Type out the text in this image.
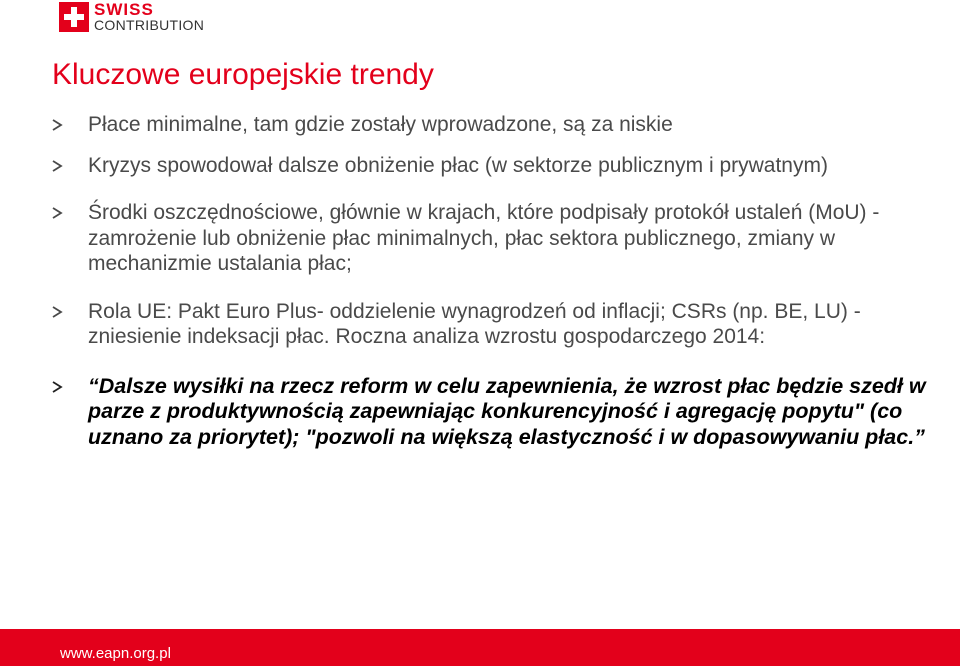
SWISS
CONTRIBUTION
Kluczowe europejskie trendy
Płace minimalne, tam gdzie zostały wprowadzone, są za niskie
Kryzys spowodował dalsze obniżenie płac (w sektorze publicznym i prywatnym)
Środki oszczędnościowe, głównie w krajach, które podpisały protokół ustaleń (MoU) - zamrożenie lub obniżenie płac minimalnych, płac sektora publicznego, zmiany w mechanizmie ustalania płac;
Rola UE: Pakt Euro Plus- oddzielenie wynagrodzeń od inflacji; CSRs (np. BE, LU) - zniesienie indeksacji płac. Roczna analiza wzrostu gospodarczego 2014:
“Dalsze wysiłki na rzecz reform w celu zapewnienia, że wzrost płac będzie szedł w parze z produktywnością zapewniając konkurencyjność i agregację popytu" (co uznano za priorytet); "pozwoli na większą elastyczność i w dopasowywaniu płac.”
www.eapn.org.pl
